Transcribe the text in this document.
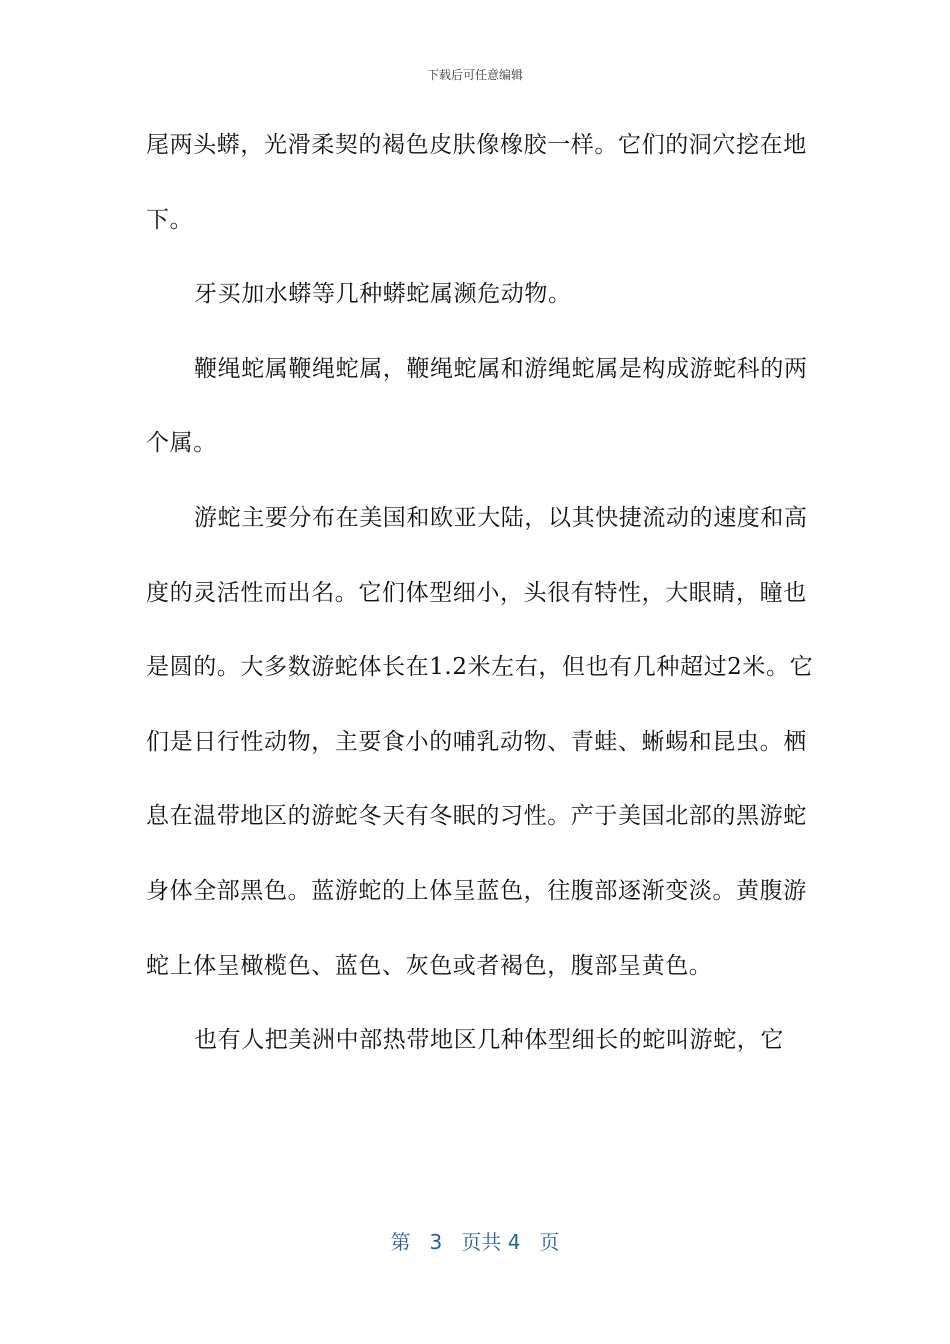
下载后可任意编辑

尾两头蟒，光滑柔契的褐色皮肤像橡胶一样。它们的洞穴挖在地下。

牙买加水蟒等几种蟒蛇属濒危动物。

鞭绳蛇属鞭绳蛇属，鞭绳蛇属和游绳蛇属是构成游蛇科的两个属。

游蛇主要分布在美国和欧亚大陆，以其快捷流动的速度和高度的灵活性而出名。它们体型细小，头很有特性，大眼睛，瞳也是圆的。大多数游蛇体长在1.2米左右，但也有几种超过2米。它们是日行性动物，主要食小的哺乳动物、青蛙、蜥蜴和昆虫。栖息在温带地区的游蛇冬天有冬眠的习性。产于美国北部的黑游蛇身体全部黑色。蓝游蛇的上体呈蓝色，往腹部逐渐变淡。黄腹游蛇上体呈橄榄色、蓝色、灰色或者褐色，腹部呈黄色。

也有人把美洲中部热带地区几种体型细长的蛇叫游蛇，它

第 3 页共 4 页
